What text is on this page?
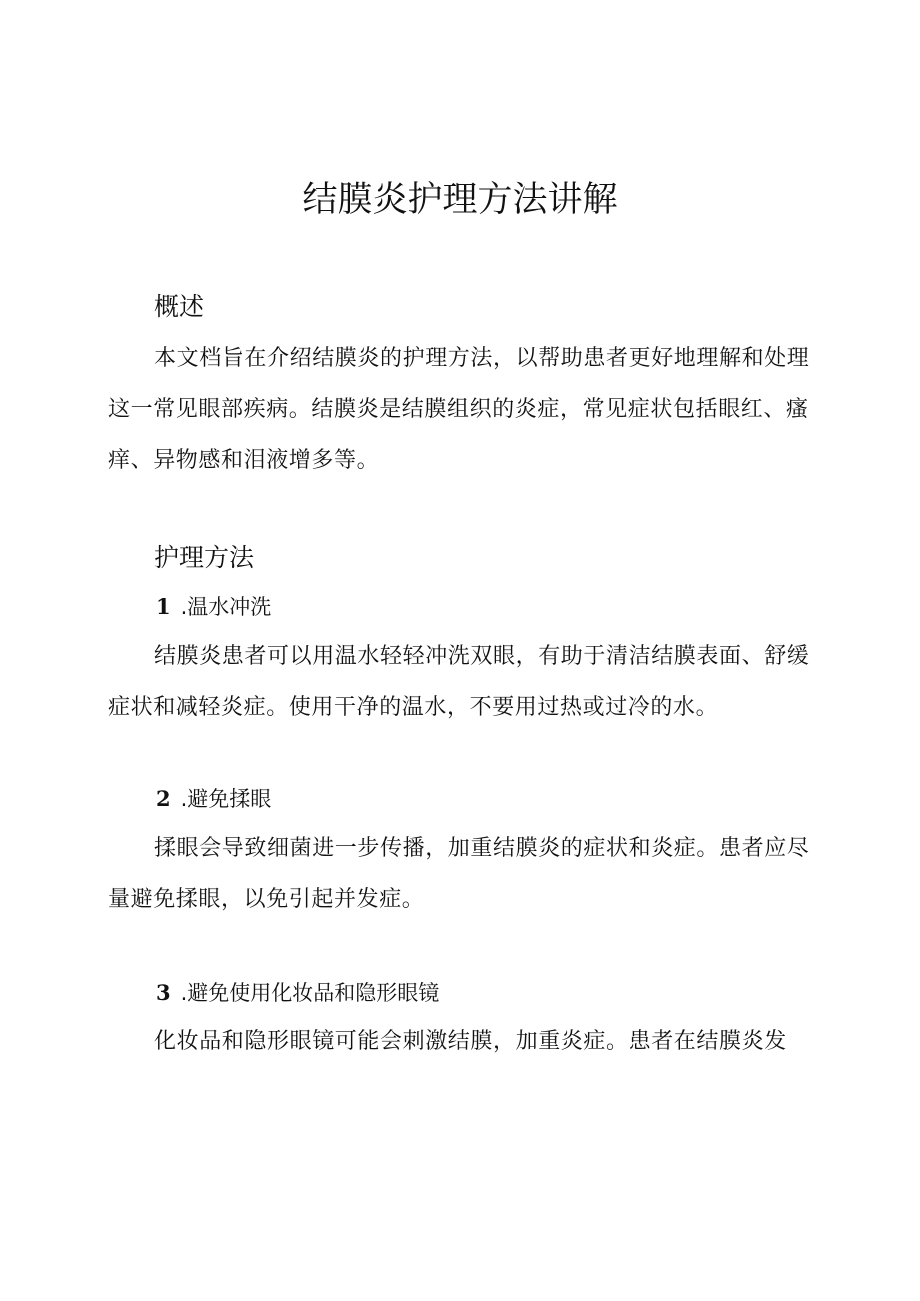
结膜炎护理方法讲解
概述

本文档旨在介绍结膜炎的护理方法，以帮助患者更好地理解和处理这一常见眼部疾病。结膜炎是结膜组织的炎症，常见症状包括眼红、瘙痒、异物感和泪液增多等。

护理方法
1 .温水冲洗

结膜炎患者可以用温水轻轻冲洗双眼，有助于清洁结膜表面、舒缓症状和减轻炎症。使用干净的温水，不要用过热或过冷的水。

2 .避免揉眼

揉眼会导致细菌进一步传播，加重结膜炎的症状和炎症。患者应尽量避免揉眼，以免引起并发症。

3 .避免使用化妆品和隐形眼镜

化妆品和隐形眼镜可能会刺激结膜，加重炎症。患者在结膜炎发
